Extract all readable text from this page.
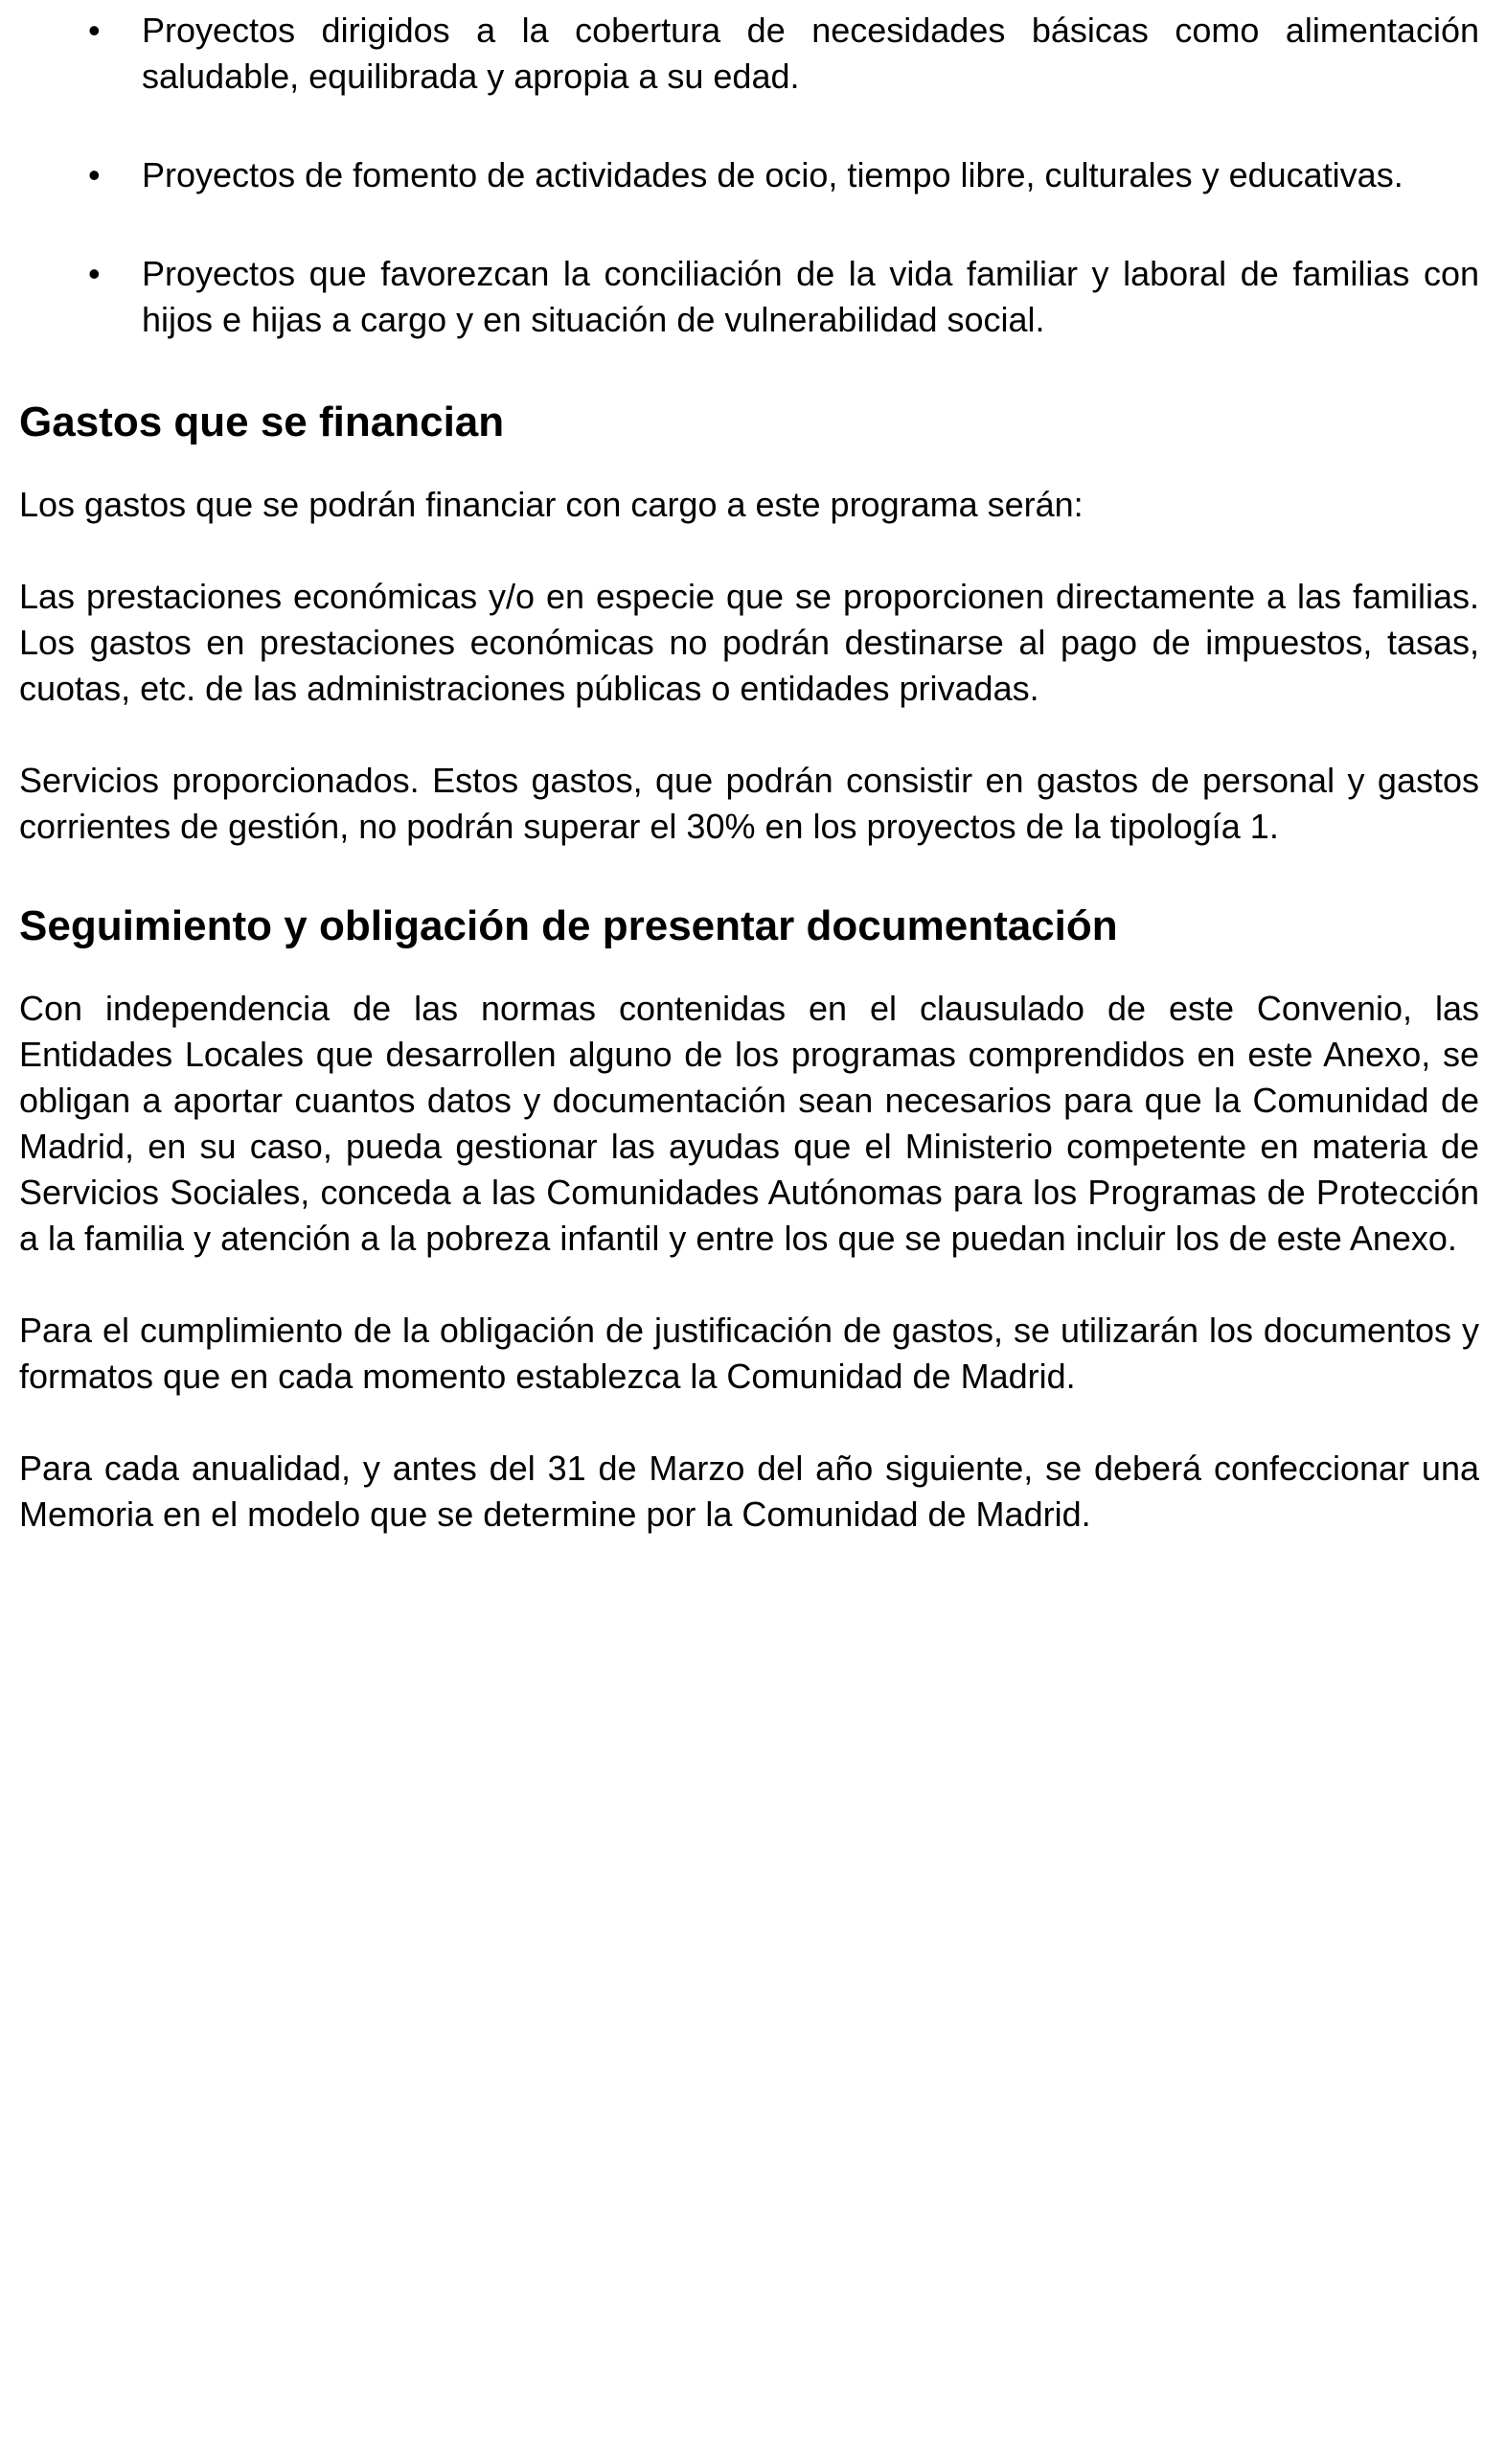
• Proyectos dirigidos a la cobertura de necesidades básicas como alimentación saludable, equilibrada y apropia a su edad.
• Proyectos de fomento de actividades de ocio, tiempo libre, culturales y educativas.
• Proyectos que favorezcan la conciliación de la vida familiar y laboral de familias con hijos e hijas a cargo y en situación de vulnerabilidad social.
Gastos que se financian

Los gastos que se podrán financiar con cargo a este programa serán:

Las prestaciones económicas y/o en especie que se proporcionen directamente a las familias. Los gastos en prestaciones económicas no podrán destinarse al pago de impuestos, tasas, cuotas, etc. de las administraciones públicas o entidades privadas.

Servicios proporcionados. Estos gastos, que podrán consistir en gastos de personal y gastos corrientes de gestión, no podrán superar el 30% en los proyectos de la tipología 1.

Seguimiento y obligación de presentar documentación

Con independencia de las normas contenidas en el clausulado de este Convenio, las Entidades Locales que desarrollen alguno de los programas comprendidos en este Anexo, se obligan a aportar cuantos datos y documentación sean necesarios para que la Comunidad de Madrid, en su caso, pueda gestionar las ayudas que el Ministerio competente en materia de Servicios Sociales, conceda a las Comunidades Autónomas para los Programas de Protección a la familia y atención a la pobreza infantil y entre los que se puedan incluir los de este Anexo.

Para el cumplimiento de la obligación de justificación de gastos, se utilizarán los documentos y formatos que en cada momento establezca la Comunidad de Madrid.

Para cada anualidad, y antes del 31 de Marzo del año siguiente, se deberá confeccionar una Memoria en el modelo que se determine por la Comunidad de Madrid.
